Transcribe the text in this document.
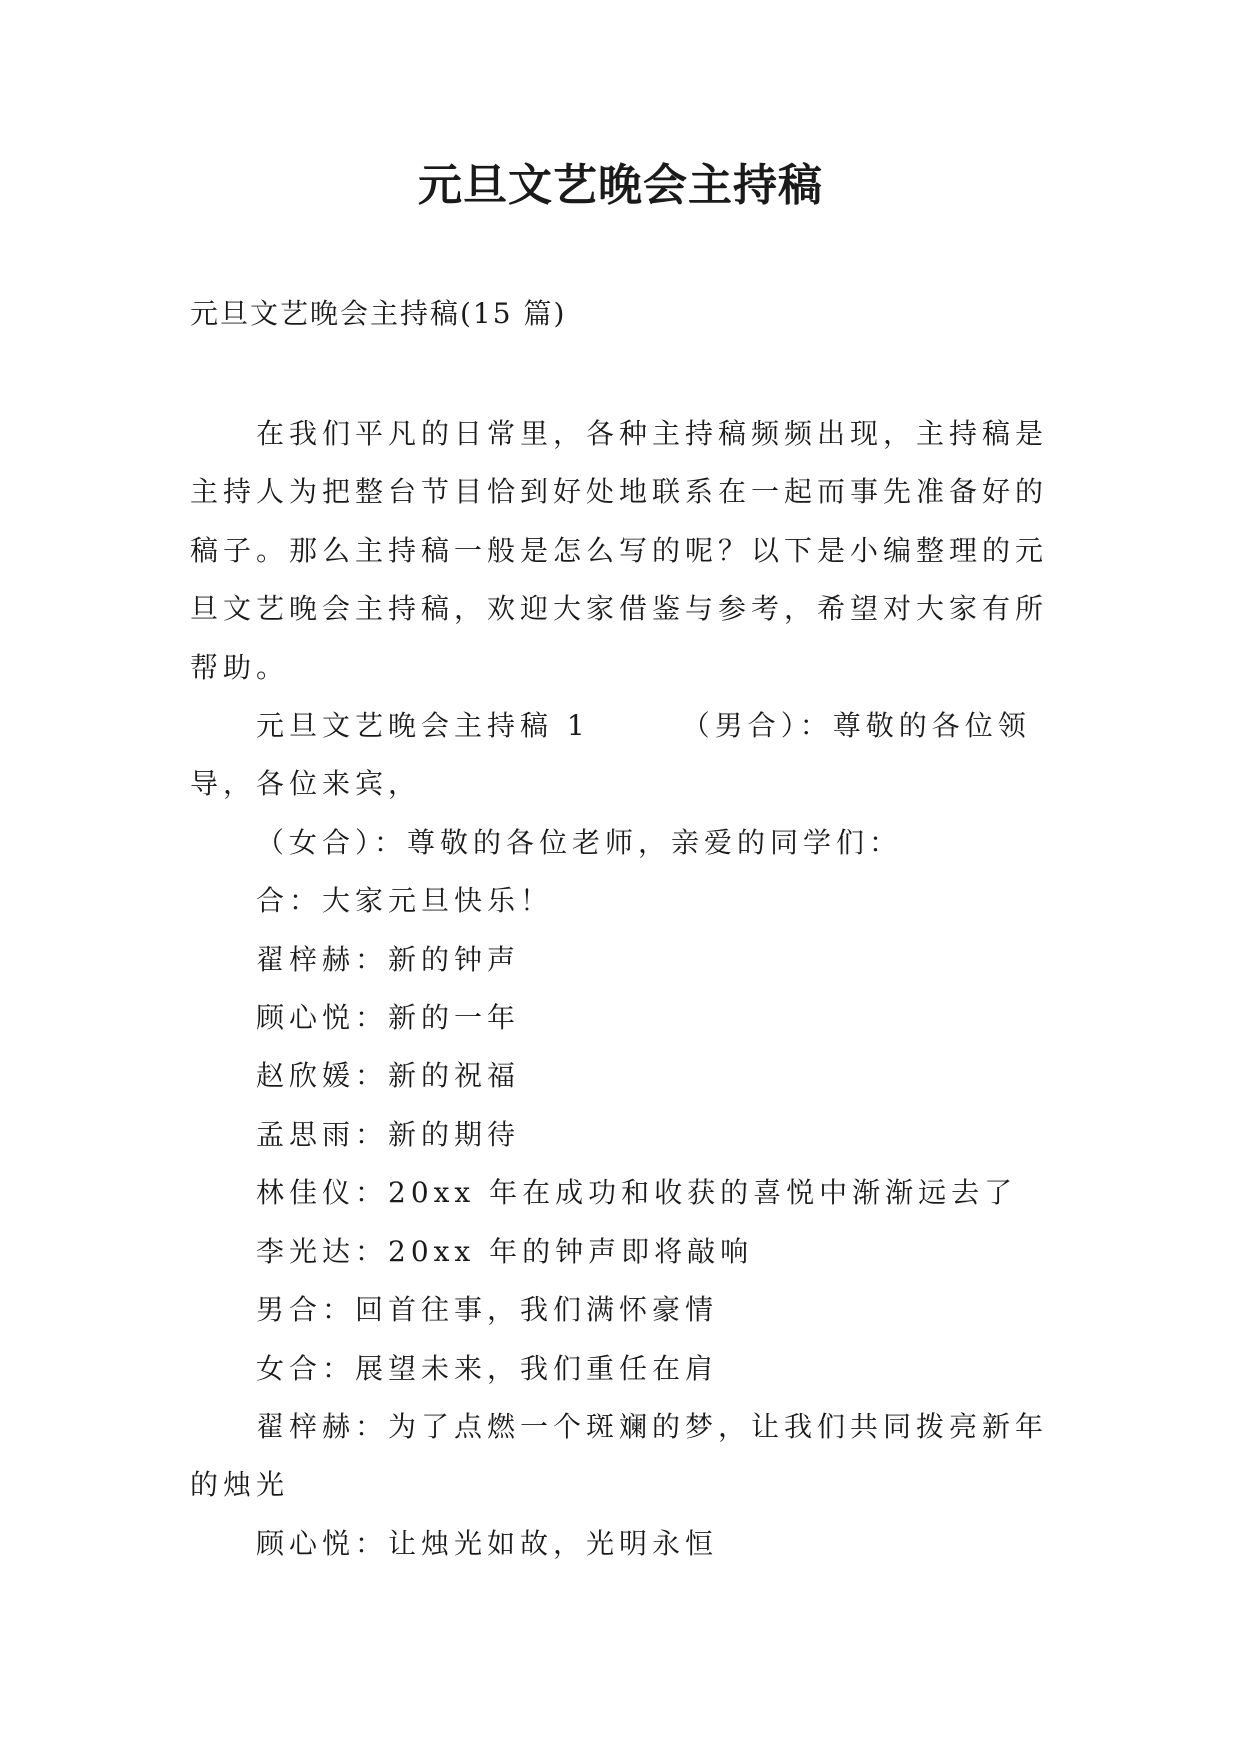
元旦文艺晚会主持稿

元旦文艺晚会主持稿(15 篇)

在我们平凡的日常里，各种主持稿频频出现，主持稿是主持人为把整台节目恰到好处地联系在一起而事先准备好的稿子。那么主持稿一般是怎么写的呢？以下是小编整理的元旦文艺晚会主持稿，欢迎大家借鉴与参考，希望对大家有所帮助。

元旦文艺晚会主持稿 1	（男合）：尊敬的各位领导，各位来宾，

（女合）：尊敬的各位老师，亲爱的同学们：

合：大家元旦快乐！

翟梓赫：新的钟声

顾心悦：新的一年

赵欣媛：新的祝福

孟思雨：新的期待

林佳仪：20xx 年在成功和收获的喜悦中渐渐远去了

李光达：20xx 年的钟声即将敲响

男合：回首往事，我们满怀豪情

女合：展望未来，我们重任在肩

翟梓赫：为了点燃一个斑斓的梦，让我们共同拨亮新年的烛光

顾心悦：让烛光如故，光明永恒
